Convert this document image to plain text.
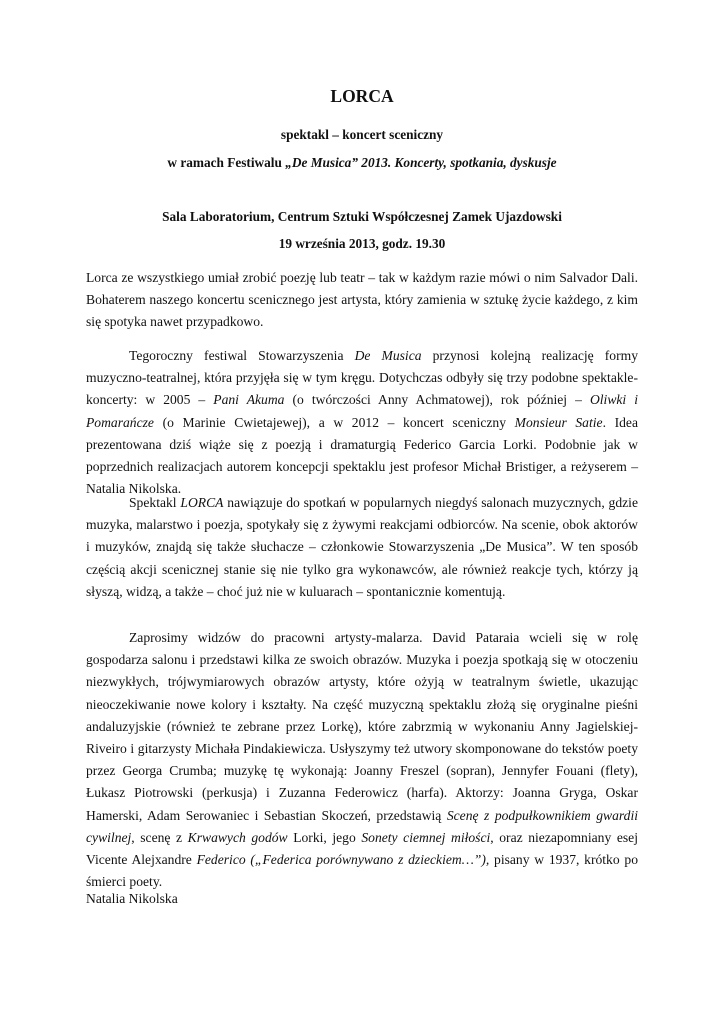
LORCA
spektakl – koncert sceniczny
w ramach Festiwalu „De Musica” 2013. Koncerty, spotkania, dyskusje
Sala Laboratorium, Centrum Sztuki Współczesnej Zamek Ujazdowski
19 września 2013, godz. 19.30

Lorca ze wszystkiego umiał zrobić poezję lub teatr – tak w każdym razie mówi o nim Salvador Dali. Bohaterem naszego koncertu scenicznego jest artysta, który zamienia w sztukę życie każdego, z kim się spotyka nawet przypadkowo.

Tegoroczny festiwal Stowarzyszenia De Musica przynosi kolejną realizację formy muzyczno-teatralnej, która przyjęła się w tym kręgu. Dotychczas odbyły się trzy podobne spektakle-koncerty: w 2005 – Pani Akuma (o twórczości Anny Achmatowej), rok później – Oliwki i Pomarańcze (o Marinie Cwietajewej), a w 2012 – koncert sceniczny Monsieur Satie. Idea prezentowana dziś wiąże się z poezją i dramaturgią Federico Garcia Lorki. Podobnie jak w poprzednich realizacjach autorem koncepcji spektaklu jest profesor Michał Bristiger, a reżyserem – Natalia Nikolska.

Spektakl LORCA nawiązuje do spotkań w popularnych niegdyś salonach muzycznych, gdzie muzyka, malarstwo i poezja, spotykały się z żywymi reakcjami odbiorców. Na scenie, obok aktorów i muzyków, znajdą się także słuchacze – członkowie Stowarzyszenia „De Musica”. W ten sposób częścią akcji scenicznej stanie się nie tylko gra wykonawców, ale również reakcje tych, którzy ją słyszą, widzą, a także – choć już nie w kuluarach – spontanicznie komentują.

Zaprosimy widzów do pracowni artysty-malarza. David Pataraia wcieli się w rolę gospodarza salonu i przedstawi kilka ze swoich obrazów. Muzyka i poezja spotkają się w otoczeniu niezwykłych, trójwymiarowych obrazów artysty, które ożyją w teatralnym świetle, ukazując nieoczekiwanie nowe kolory i kształty. Na część muzyczną spektaklu złożą się oryginalne pieśni andaluzyjskie (również te zebrane przez Lorkę), które zabrzmią w wykonaniu Anny Jagielskiej-Riveiro i gitarzysty Michała Pindakiewicza. Usłyszymy też utwory skomponowane do tekstów poety przez Georga Crumba; muzykę tę wykonają: Joanny Freszel (sopran), Jennyfer Fouani (flety), Łukasz Piotrowski (perkusja) i Zuzanna Federowicz (harfa). Aktorzy: Joanna Gryga, Oskar Hamerski, Adam Serowaniec i Sebastian Skoczeń, przedstawią Scenę z podpułkownikiem gwardii cywilnej, scenę z Krwawych godów Lorki, jego Sonety ciemnej miłości, oraz niezapomniany esej Vicente Alejxandre Federico („Federica porównywano z dzieckiem…”), pisany w 1937, krótko po śmierci poety.

Natalia Nikolska
